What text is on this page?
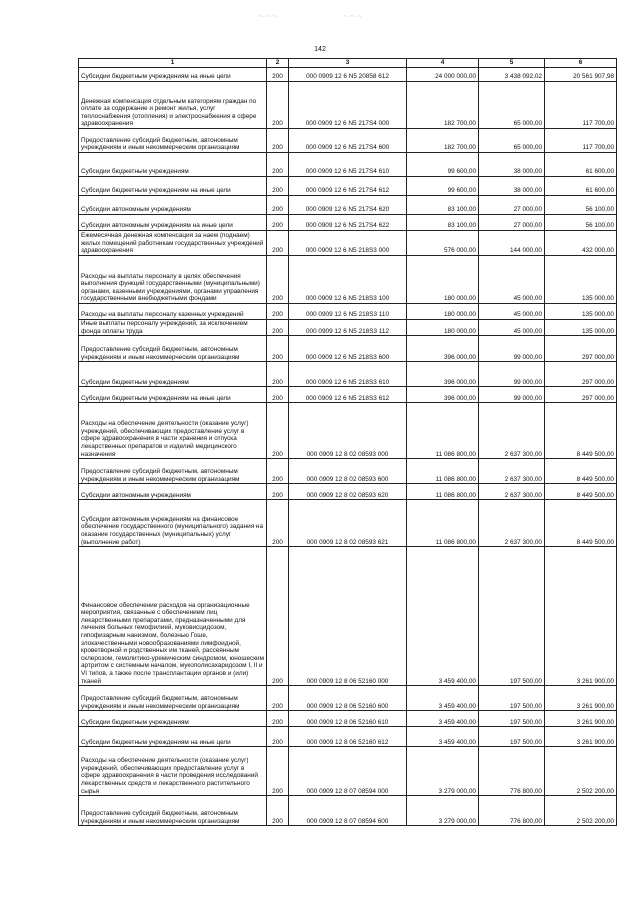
~·~·~	~·~·~
142
1	2	3	4	5	6
Субсидии бюджетным учреждениям на иные цели	200	000 0909 12 6 N5 20858 612	24 000 000,00	3 438 092,02	20 561 907,98
Денежная компенсация отдельным категориям граждан по оплате за содержание и ремонт жилья, услуг теплоснабжения (отопления) и электроснабжения в сфере здравоохранения	200	000 0909 12 6 N5 217S4 000	182 700,00	65 000,00	117 700,00
Предоставление субсидий бюджетным, автономным учреждениям и иным некоммерческим организациям	200	000 0909 12 6 N5 217S4 600	182 700,00	65 000,00	117 700,00
Субсидии бюджетным учреждениям	200	000 0909 12 6 N5 217S4 610	99 600,00	38 000,00	61 600,00
Субсидии бюджетным учреждениям на иные цели	200	000 0909 12 6 N5 217S4 612	99 600,00	38 000,00	61 600,00
Субсидии автономным учреждениям	200	000 0909 12 6 N5 217S4 620	83 100,00	27 000,00	56 100,00
Субсидии автономным учреждениям на иные цели	200	000 0909 12 6 N5 217S4 622	83 100,00	27 000,00	56 100,00
Ежемесячная денежная компенсация за наем (поднаем) жилых помещений работникам государственных учреждений здравоохранения	200	000 0909 12 6 N5 218S3 000	576 000,00	144 000,00	432 000,00
Расходы на выплаты персоналу в целях обеспечения выполнения функций государственными (муниципальными) органами, казенными учреждениями, органами управления государственными внебюджетными фондами	200	000 0909 12 6 N5 218S3 100	180 000,00	45 000,00	135 000,00
Расходы на выплаты персоналу казенных учреждений	200	000 0909 12 6 N5 218S3 110	180 000,00	45 000,00	135 000,00
Иные выплаты персоналу учреждений, за исключением фонда оплаты труда	200	000 0909 12 6 N5 218S3 112	180 000,00	45 000,00	135 000,00
Предоставление субсидий бюджетным, автономным учреждениям и иным некоммерческим организациям	200	000 0909 12 6 N5 218S3 600	396 000,00	99 000,00	297 000,00
Субсидии бюджетным учреждениям	200	000 0909 12 6 N5 218S3 610	396 000,00	99 000,00	297 000,00
Субсидии бюджетным учреждениям на иные цели	200	000 0909 12 6 N5 218S3 612	396 000,00	99 000,00	297 000,00
Расходы на обеспечение деятельности (оказание услуг) учреждений, обеспечивающих предоставление услуг в сфере здравоохранения в части хранения и отпуска лекарственных препаратов и изделий медицинского назначения	200	000 0909 12 8 02 08593 000	11 086 800,00	2 637 300,00	8 449 500,00
Предоставление субсидий бюджетным, автономным учреждениям и иным некоммерческим организациям	200	000 0909 12 8 02 08593 600	11 086 800,00	2 637 300,00	8 449 500,00
Субсидии автономным учреждениям	200	000 0909 12 8 02 08593 620	11 086 800,00	2 637 300,00	8 449 500,00
Субсидии автономным учреждениям на финансовое обеспечение государственного (муниципального) задания на оказание государственных (муниципальных) услуг (выполнение работ)	200	000 0909 12 8 02 08593 621	11 086 800,00	2 637 300,00	8 449 500,00
Финансовое обеспечение расходов на организационные мероприятия, связанные с обеспечением лиц лекарственными препаратами, предназначенными для лечения больных гемофилией, муковисцидозом, гипофизарным нанизмом, болезнью Гоше, злокачественными новообразованиями лимфоидной, кроветворной и родственных им тканей, рассеянным склерозом, гемолитико-уремическим синдромом, юношеским артритом с системным началом, мукополисахаридозом I, II и VI типов, а также после трансплантации органов и (или) тканей	200	000 0909 12 8 06 52160 000	3 459 400,00	197 500,00	3 261 900,00
Предоставление субсидий бюджетным, автономным учреждениям и иным некоммерческим организациям	200	000 0909 12 8 06 52160 600	3 459 400,00	197 500,00	3 261 900,00
Субсидии бюджетным учреждениям	200	000 0909 12 8 06 52160 610	3 459 400,00	197 500,00	3 261 900,00
Субсидии бюджетным учреждениям на иные цели	200	000 0909 12 8 06 52160 612	3 459 400,00	197 500,00	3 261 900,00
Расходы на обеспечение деятельности (оказание услуг) учреждений, обеспечивающих предоставление услуг в сфере здравоохранения в части проведения исследований лекарственных средств и лекарственного растительного сырья	200	000 0909 12 8 07 08594 000	3 279 000,00	776 800,00	2 502 200,00
Предоставление субсидий бюджетным, автономным учреждениям и иным некоммерческим организациям	200	000 0909 12 8 07 08594 600	3 279 000,00	776 800,00	2 502 200,00
